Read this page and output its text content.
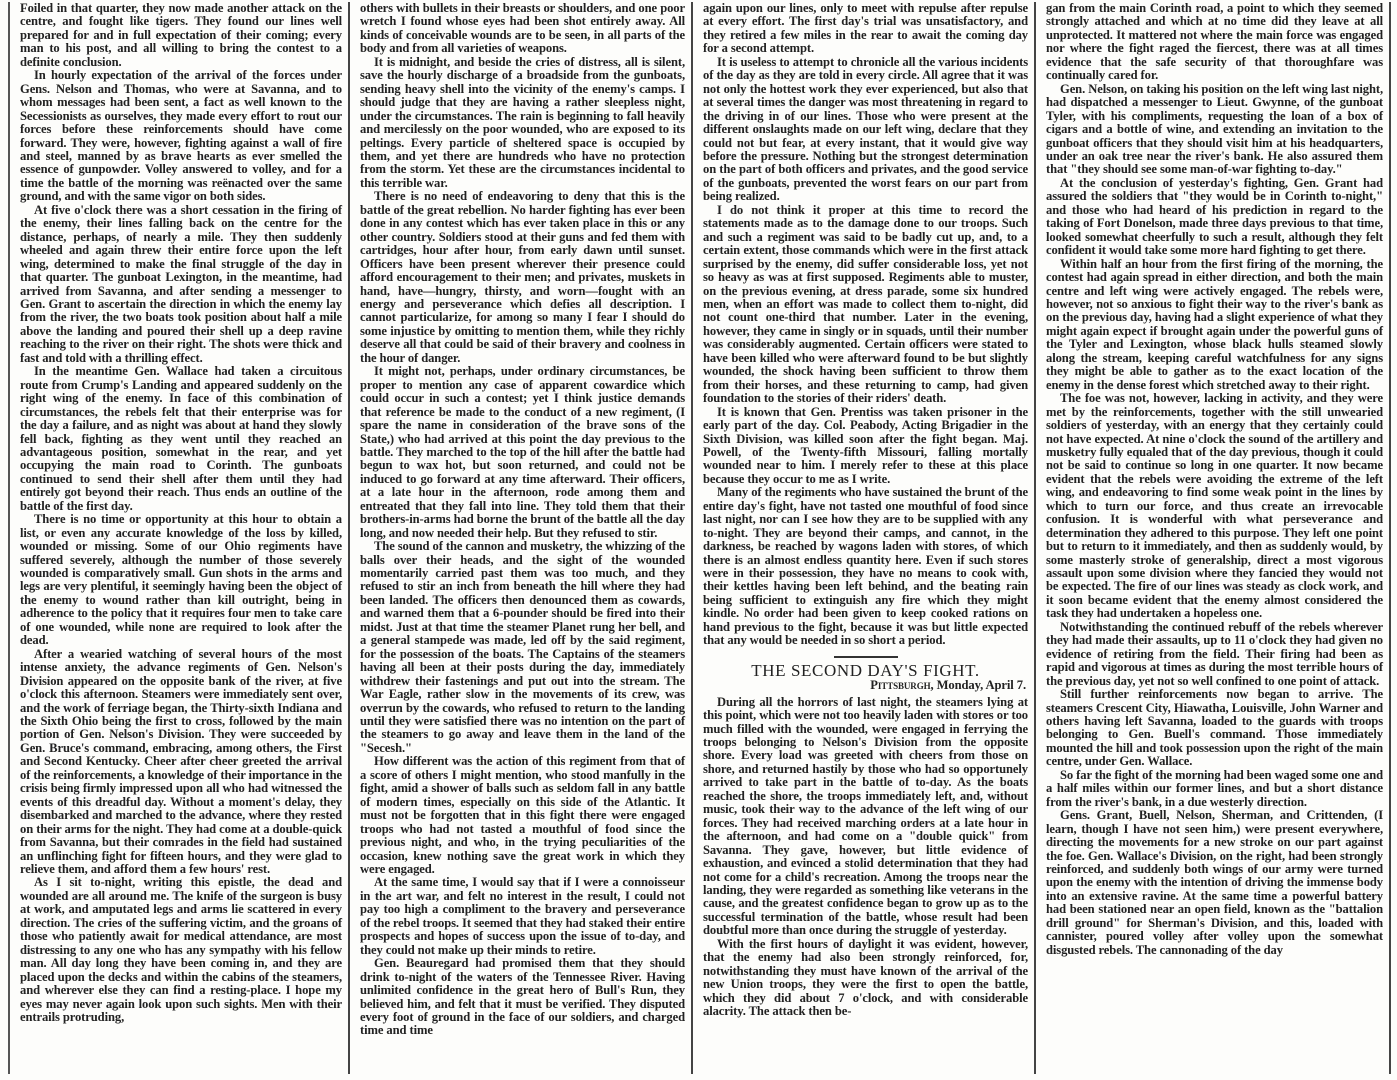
Foiled in that quarter, they now made another attack on the centre, and fought like tigers. They found our lines well prepared for and in full expectation of their coming; every man to his post, and all willing to bring the contest to a definite conclusion.

In hourly expectation of the arrival of the forces under Gens. Nelson and Thomas, who were at Savanna, and to whom messages had been sent, a fact as well known to the Secessionists as ourselves, they made every effort to rout our forces before these reinforcements should have come forward. They were, however, fighting against a wall of fire and steel, manned by as brave hearts as ever smelled the essence of gunpowder. Volley answered to volley, and for a time the battle of the morning was reënacted over the same ground, and with the same vigor on both sides.

At five o'clock there was a short cessation in the firing of the enemy, their lines falling back on the centre for the distance, perhaps, of nearly a mile. They then suddenly wheeled and again threw their entire force upon the left wing, determined to make the final struggle of the day in that quarter. The gunboat Lexington, in the meantime, had arrived from Savanna, and after sending a messenger to Gen. Grant to ascertain the direction in which the enemy lay from the river, the two boats took position about half a mile above the landing and poured their shell up a deep ravine reaching to the river on their right. The shots were thick and fast and told with a thrilling effect.

In the meantime Gen. Wallace had taken a circuitous route from Crump's Landing and appeared suddenly on the right wing of the enemy. In face of this combination of circumstances, the rebels felt that their enterprise was for the day a failure, and as night was about at hand they slowly fell back, fighting as they went until they reached an advantageous position, somewhat in the rear, and yet occupying the main road to Corinth. The gunboats continued to send their shell after them until they had entirely got beyond their reach. Thus ends an outline of the battle of the first day.

There is no time or opportunity at this hour to obtain a list, or even any accurate knowledge of the loss by killed, wounded or missing. Some of our Ohio regiments have suffered severely, although the number of those severely wounded is comparatively small. Gun shots in the arms and legs are very plentiful, it seemingly having been the object of the enemy to wound rather than kill outright, being in adherence to the policy that it requires four men to take care of one wounded, while none are required to look after the dead.

After a wearied watching of several hours of the most intense anxiety, the advance regiments of Gen. Nelson's Division appeared on the opposite bank of the river, at five o'clock this afternoon. Steamers were immediately sent over, and the work of ferriage began, the Thirty-sixth Indiana and the Sixth Ohio being the first to cross, followed by the main portion of Gen. Nelson's Division. They were succeeded by Gen. Bruce's command, embracing, among others, the First and Second Kentucky. Cheer after cheer greeted the arrival of the reinforcements, a knowledge of their importance in the crisis being firmly impressed upon all who had witnessed the events of this dreadful day. Without a moment's delay, they disembarked and marched to the advance, where they rested on their arms for the night. They had come at a double-quick from Savanna, but their comrades in the field had sustained an unflinching fight for fifteen hours, and they were glad to relieve them, and afford them a few hours' rest.

As I sit to-night, writing this epistle, the dead and wounded are all around me. The knife of the surgeon is busy at work, and amputated legs and arms lie scattered in every direction. The cries of the suffering victim, and the groans of those who patiently await for medical attendance, are most distressing to any one who has any sympathy with his fellow man. All day long they have been coming in, and they are placed upon the decks and within the cabins of the steamers, and wherever else they can find a resting-place. I hope my eyes may never again look upon such sights. Men with their entrails protruding,

others with bullets in their breasts or shoulders, and one poor wretch I found whose eyes had been shot entirely away. All kinds of conceivable wounds are to be seen, in all parts of the body and from all varieties of weapons.

It is midnight, and beside the cries of distress, all is silent, save the hourly discharge of a broadside from the gunboats, sending heavy shell into the vicinity of the enemy's camps. I should judge that they are having a rather sleepless night, under the circumstances. The rain is beginning to fall heavily and mercilessly on the poor wounded, who are exposed to its peltings. Every particle of sheltered space is occupied by them, and yet there are hundreds who have no protection from the storm. Yet these are the circumstances incidental to this terrible war.

There is no need of endeavoring to deny that this is the battle of the great rebellion. No harder fighting has ever been done in any contest which has ever taken place in this or any other country. Soldiers stood at their guns and fed them with cartridges, hour after hour, from early dawn until sunset. Officers have been present wherever their presence could afford encouragement to their men; and privates, muskets in hand, have—hungry, thirsty, and worn—fought with an energy and perseverance which defies all description. I cannot particularize, for among so many I fear I should do some injustice by omitting to mention them, while they richly deserve all that could be said of their bravery and coolness in the hour of danger.

It might not, perhaps, under ordinary circumstances, be proper to mention any case of apparent cowardice which could occur in such a contest; yet I think justice demands that reference be made to the conduct of a new regiment, (I spare the name in consideration of the brave sons of the State,) who had arrived at this point the day previous to the battle. They marched to the top of the hill after the battle had begun to wax hot, but soon returned, and could not be induced to go forward at any time afterward. Their officers, at a late hour in the afternoon, rode among them and entreated that they fall into line. They told them that their brothers-in-arms had borne the brunt of the battle all the day long, and now needed their help. But they refused to stir.

The sound of the cannon and musketry, the whizzing of the balls over their heads, and the sight of the wounded momentarily carried past them was too much, and they refused to stir an inch from beneath the hill where they had been landed. The officers then denounced them as cowards, and warned them that a 6-pounder should be fired into their midst. Just at that time the steamer Planet rung her bell, and a general stampede was made, led off by the said regiment, for the possession of the boats. The Captains of the steamers having all been at their posts during the day, immediately withdrew their fastenings and put out into the stream. The War Eagle, rather slow in the movements of its crew, was overrun by the cowards, who refused to return to the landing until they were satisfied there was no intention on the part of the steamers to go away and leave them in the land of the "Secesh."

How different was the action of this regiment from that of a score of others I might mention, who stood manfully in the fight, amid a shower of balls such as seldom fall in any battle of modern times, especially on this side of the Atlantic. It must not be forgotten that in this fight there were engaged troops who had not tasted a mouthful of food since the previous night, and who, in the trying peculiarities of the occasion, knew nothing save the great work in which they were engaged.

At the same time, I would say that if I were a connoisseur in the art war, and felt no interest in the result, I could not pay too high a compliment to the bravery and perseverance of the rebel troops. It seemed that they had staked their entire prospects and hopes of success upon the issue of to-day, and they could not make up their minds to retire.

Gen. Beauregard had promised them that they should drink to-night of the waters of the Tennessee River. Having unlimited confidence in the great hero of Bull's Run, they believed him, and felt that it must be verified. They disputed every foot of ground in the face of our soldiers, and charged time and time

again upon our lines, only to meet with repulse after repulse at every effort. The first day's trial was unsatisfactory, and they retired a few miles in the rear to await the coming day for a second attempt.

It is useless to attempt to chronicle all the various incidents of the day as they are told in every circle. All agree that it was not only the hottest work they ever experienced, but also that at several times the danger was most threatening in regard to the driving in of our lines. Those who were present at the different onslaughts made on our left wing, declare that they could not but fear, at every instant, that it would give way before the pressure. Nothing but the strongest determination on the part of both officers and privates, and the good service of the gunboats, prevented the worst fears on our part from being realized.

I do not think it proper at this time to record the statements made as to the damage done to our troops. Such and such a regiment was said to be badly cut up, and, to a certain extent, those commands which were in the first attack surprised by the enemy, did suffer considerable loss, yet not so heavy as was at first supposed. Regiments able to muster, on the previous evening, at dress parade, some six hundred men, when an effort was made to collect them to-night, did not count one-third that number. Later in the evening, however, they came in singly or in squads, until their number was considerably augmented. Certain officers were stated to have been killed who were afterward found to be but slightly wounded, the shock having been sufficient to throw them from their horses, and these returning to camp, had given foundation to the stories of their riders' death.

It is known that Gen. Prentiss was taken prisoner in the early part of the day. Col. Peabody, Acting Brigadier in the Sixth Division, was killed soon after the fight began. Maj. Powell, of the Twenty-fifth Missouri, falling mortally wounded near to him. I merely refer to these at this place because they occur to me as I write.

Many of the regiments who have sustained the brunt of the entire day's fight, have not tasted one mouthful of food since last night, nor can I see how they are to be supplied with any to-night. They are beyond their camps, and cannot, in the darkness, be reached by wagons laden with stores, of which there is an almost endless quantity here. Even if such stores were in their possession, they have no means to cook with, their kettles having been left behind, and the beating rain being sufficient to extinguish any fire which they might kindle. No order had been given to keep cooked rations on hand previous to the fight, because it was but little expected that any would be needed in so short a period.

THE SECOND DAY'S FIGHT.
Pittsburgh, Monday, April 7.

During all the horrors of last night, the steamers lying at this point, which were not too heavily laden with stores or too much filled with the wounded, were engaged in ferrying the troops belonging to Nelson's Division from the opposite shore. Every load was greeted with cheers from those on shore, and returned hastily by those who had so opportunely arrived to take part in the battle of to-day. As the boats reached the shore, the troops immediately left, and, without music, took their way to the advance of the left wing of our forces. They had received marching orders at a late hour in the afternoon, and had come on a "double quick" from Savanna. They gave, however, but little evidence of exhaustion, and evinced a stolid determination that they had not come for a child's recreation. Among the troops near the landing, they were regarded as something like veterans in the cause, and the greatest confidence began to grow up as to the successful termination of the battle, whose result had been doubtful more than once during the struggle of yesterday.

With the first hours of daylight it was evident, however, that the enemy had also been strongly reinforced, for, notwithstanding they must have known of the arrival of the new Union troops, they were the first to open the battle, which they did about 7 o'clock, and with considerable alacrity. The attack then be-

gan from the main Corinth road, a point to which they seemed strongly attached and which at no time did they leave at all unprotected. It mattered not where the main force was engaged nor where the fight raged the fiercest, there was at all times evidence that the safe security of that thoroughfare was continually cared for.

Gen. Nelson, on taking his position on the left wing last night, had dispatched a messenger to Lieut. Gwynne, of the gunboat Tyler, with his compliments, requesting the loan of a box of cigars and a bottle of wine, and extending an invitation to the gunboat officers that they should visit him at his headquarters, under an oak tree near the river's bank. He also assured them that "they should see some man-of-war fighting to-day."

At the conclusion of yesterday's fighting, Gen. Grant had assured the soldiers that "they would be in Corinth to-night," and those who had heard of his prediction in regard to the taking of Fort Donelson, made three days previous to that time, looked somewhat cheerfully to such a result, although they felt confident it would take some more hard fighting to get there.

Within half an hour from the first firing of the morning, the contest had again spread in either direction, and both the main centre and left wing were actively engaged. The rebels were, however, not so anxious to fight their way to the river's bank as on the previous day, having had a slight experience of what they might again expect if brought again under the powerful guns of the Tyler and Lexington, whose black hulls steamed slowly along the stream, keeping careful watchfulness for any signs they might be able to gather as to the exact location of the enemy in the dense forest which stretched away to their right.

The foe was not, however, lacking in activity, and they were met by the reinforcements, together with the still unwearied soldiers of yesterday, with an energy that they certainly could not have expected. At nine o'clock the sound of the artillery and musketry fully equaled that of the day previous, though it could not be said to continue so long in one quarter. It now became evident that the rebels were avoiding the extreme of the left wing, and endeavoring to find some weak point in the lines by which to turn our force, and thus create an irrevocable confusion. It is wonderful with what perseverance and determination they adhered to this purpose. They left one point but to return to it immediately, and then as suddenly would, by some masterly stroke of generalship, direct a most vigorous assault upon some division where they fancied they would not be expected. The fire of our lines was steady as clock work, and it soon became evident that the enemy almost considered the task they had undertaken a hopeless one.

Notwithstanding the continued rebuff of the rebels wherever they had made their assaults, up to 11 o'clock they had given no evidence of retiring from the field. Their firing had been as rapid and vigorous at times as during the most terrible hours of the previous day, yet not so well confined to one point of attack.

Still further reinforcements now began to arrive. The steamers Crescent City, Hiawatha, Louisville, John Warner and others having left Savanna, loaded to the guards with troops belonging to Gen. Buell's command. Those immediately mounted the hill and took possession upon the right of the main centre, under Gen. Wallace.

So far the fight of the morning had been waged some one and a half miles within our former lines, and but a short distance from the river's bank, in a due westerly direction.

Gens. Grant, Buell, Nelson, Sherman, and Crittenden, (I learn, though I have not seen him,) were present everywhere, directing the movements for a new stroke on our part against the foe. Gen. Wallace's Division, on the right, had been strongly reinforced, and suddenly both wings of our army were turned upon the enemy with the intention of driving the immense body into an extensive ravine. At the same time a powerful battery had been stationed near an open field, known as the "battalion drill ground" for Sherman's Division, and this, loaded with cannister, poured volley after volley upon the somewhat disgusted rebels. The cannonading of the day
